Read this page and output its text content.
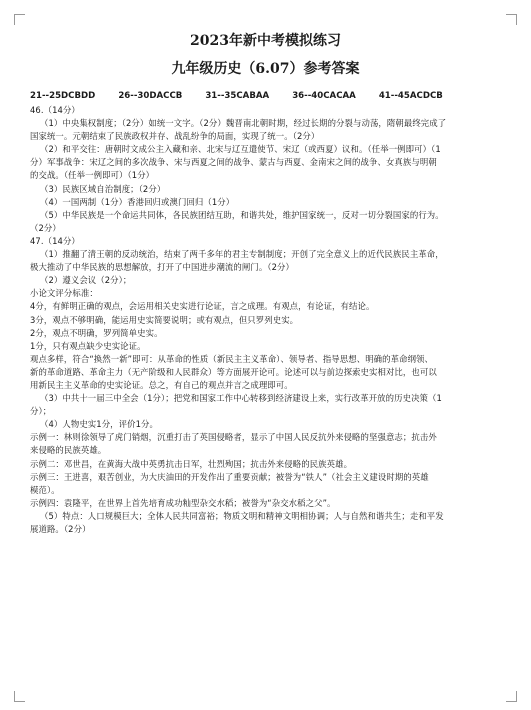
2023年新中考模拟练习
九年级历史（6.07）参考答案
21--25DCBDD	26--30DACCB	31--35CABAA	36--40CACAA	41--45ACDCB

46.（14分）

（1）中央集权制度；（2分）如统一文字。（2分）魏晋南北朝时期，经过长期的分裂与动荡，隋朝最终完成了

国家统一。元朝结束了民族政权并存、战乱纷争的局面，实现了统一。（2分）

（2）和平交往：唐朝时文成公主入藏和亲、北宋与辽互遣使节、宋辽（或西夏）议和。（任举一例即可）（1

分）军事战争：宋辽之间的多次战争、宋与西夏之间的战争、蒙古与西夏、金南宋之间的战争、女真族与明朝

的交战。（任举一例即可）（1分）

（3）民族区域自治制度；（2分）

（4）一国两制（1分）香港回归或澳门回归（1分）

（5）中华民族是一个命运共同体，各民族团结互助，和谐共处，维护国家统一，反对一切分裂国家的行为。

（2分）

47.（14分）

（1）推翻了清王朝的反动统治，结束了两千多年的君主专制制度；开创了完全意义上的近代民族民主革命，

极大推动了中华民族的思想解放，打开了中国进步潮流的闸门。（2分）

（2）遵义会议（2分）；

小论文评分标准：

4分，有鲜明正确的观点，会运用相关史实进行论证，言之成理。有观点，有论证，有结论。

3分，观点不够明确，能运用史实简要说明；或有观点，但只罗列史实。

2分，观点不明确，罗列简单史实。

1分，只有观点缺少史实论证。

观点多样，符合“换然一新”即可：从革命的性质（新民主主义革命）、领导者、指导思想、明确的革命纲领、

新的革命道路、革命主力（无产阶级和人民群众）等方面展开论可。论述可以与前边探索史实相对比，也可以

用新民主主义革命的史实论证。总之，有自己的观点并言之成理即可。

（3）中共十一届三中全会（1分）；把党和国家工作中心转移到经济建设上来，实行改革开放的历史决策（1

分）；

（4）人物史实1分，评价1分。

示例一：林则徐领导了虎门销烟，沉重打击了英国侵略者，显示了中国人民反抗外来侵略的坚强意志；抗击外

来侵略的民族英雄。

示例二：邓世昌，在黄海大战中英勇抗击日军，壮烈殉国；抗击外来侵略的民族英雄。

示例三：王进喜，艰苦创业，为大庆油田的开发作出了重要贡献；被誉为“铁人”（社会主义建设时期的英雄

模范）。

示例四：袁隆平，在世界上首先培育成功籼型杂交水稻；被誉为“杂交水稻之父”。

（5）特点：人口规模巨大；全体人民共同富裕；物质文明和精神文明相协调；人与自然和谐共生；走和平发

展道路。（2分）
